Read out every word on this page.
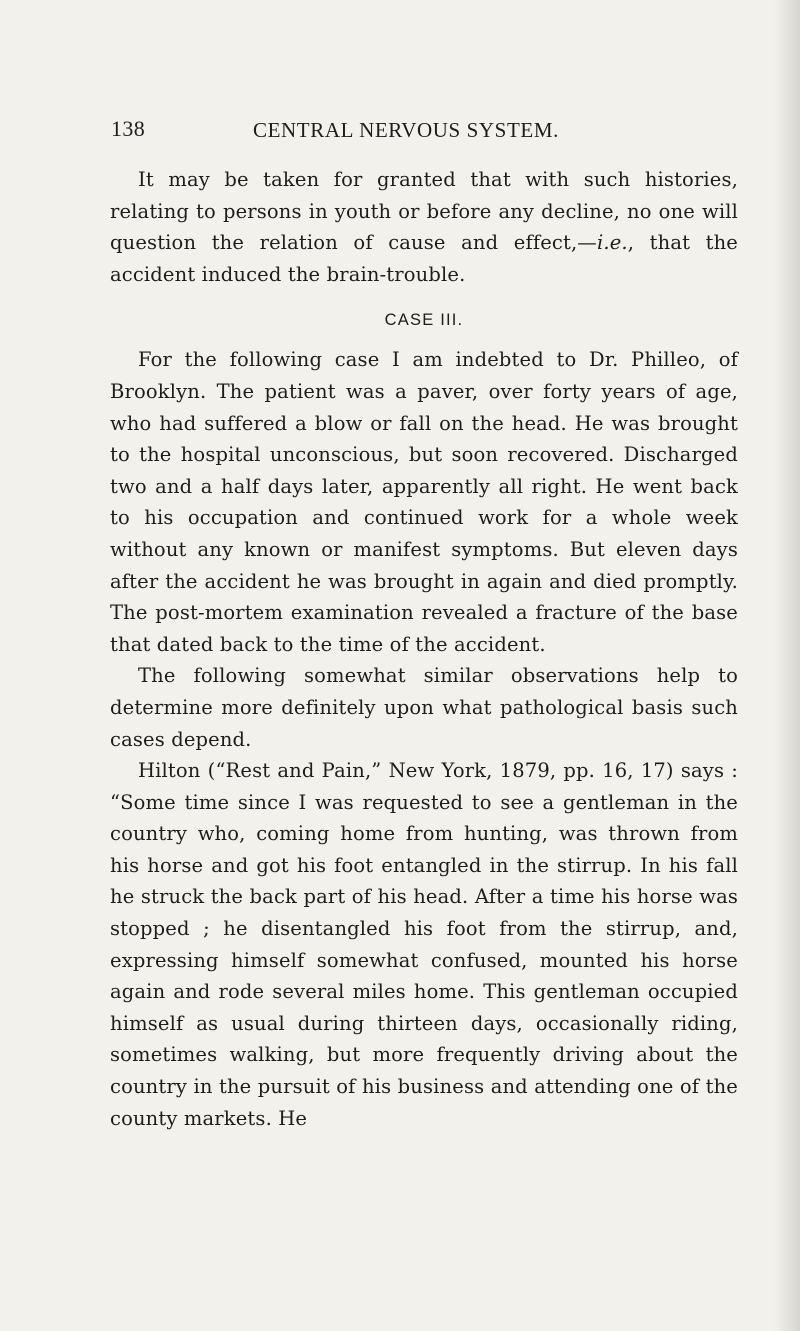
138	CENTRAL NERVOUS SYSTEM.

It may be taken for granted that with such histories, relating to persons in youth or before any decline, no one will question the relation of cause and effect,—i.e., that the accident induced the brain-trouble.

CASE III.

For the following case I am indebted to Dr. Philleo, of Brooklyn. The patient was a paver, over forty years of age, who had suffered a blow or fall on the head. He was brought to the hospital unconscious, but soon recovered. Discharged two and a half days later, apparently all right. He went back to his occupation and continued work for a whole week without any known or manifest symptoms. But eleven days after the accident he was brought in again and died promptly. The post-mortem examination revealed a fracture of the base that dated back to the time of the accident.

The following somewhat similar observations help to determine more definitely upon what pathological basis such cases depend.

Hilton (“Rest and Pain,” New York, 1879, pp. 16, 17) says : “Some time since I was requested to see a gentleman in the country who, coming home from hunting, was thrown from his horse and got his foot entangled in the stirrup. In his fall he struck the back part of his head. After a time his horse was stopped ; he disentangled his foot from the stirrup, and, expressing himself somewhat confused, mounted his horse again and rode several miles home. This gentleman occupied himself as usual during thirteen days, occasionally riding, sometimes walking, but more frequently driving about the country in the pursuit of his business and attending one of the county markets. He
